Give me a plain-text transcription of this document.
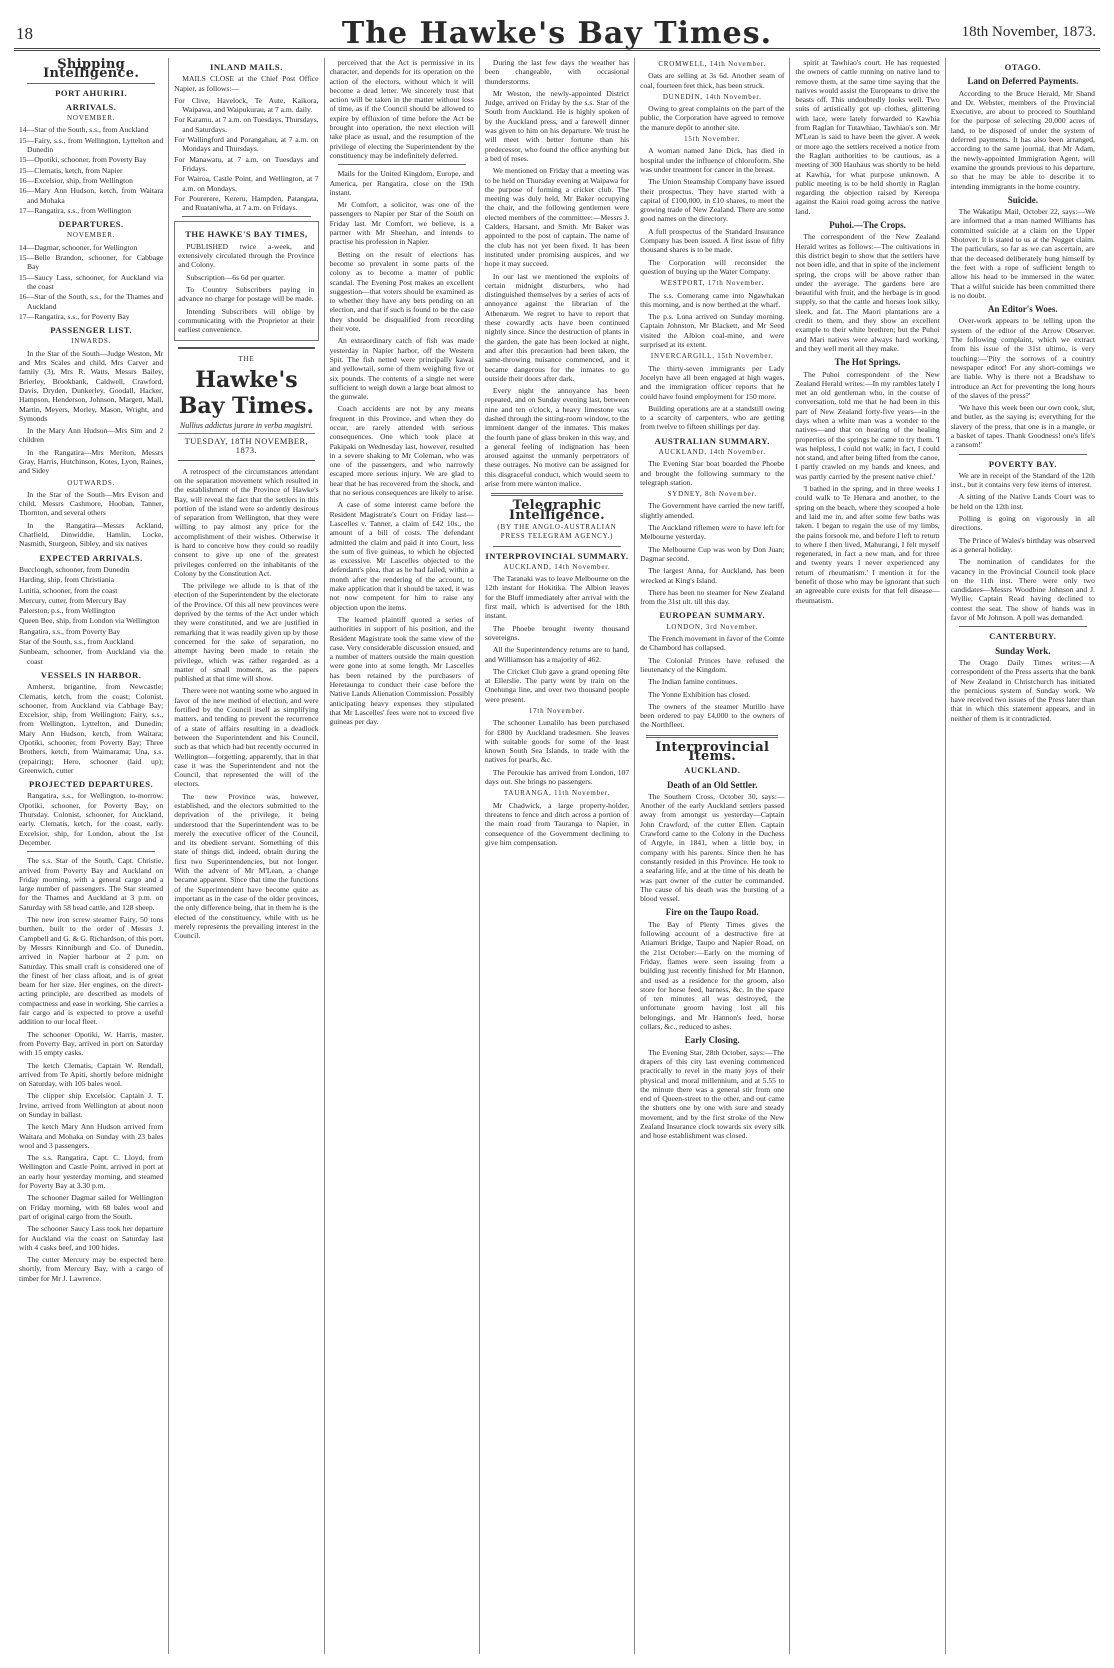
18	The Hawke's Bay Times.	18th November, 1873.
Shipping Intelligence.
PORT AHURIRI.
ARRIVALS.
NOVEMBER.
14—Star of the South, s.s., from Auckland
15—Fairy, s.s., from Wellington, Lyttelton and Dunedin
15—Opotiki, schooner, from Poverty Bay
15—Clematis, ketch, from Napier
16—Excelsior, ship, from Wellington
16—Mary Ann Hudson, ketch, from Waitara and Mohaka
17—Rangatira, s.s., from Wellington
DEPARTURES.
NOVEMBER.
14—Dagmar, schooner, for Wellington
15—Belle Brandon, schooner, for Cabbage Bay
15—Saucy Lass, schooner, for Auckland via the coast
16—Star of the South, s.s., for the Thames and Auckland
17—Rangatira, s.s., for Poverty Bay
PASSENGER LIST.
INWARDS.

In the Star of the South—Judge Weston, Mr and Mrs Scales and child, Mrs Carver and family (3), Mrs R. Watts, Messrs Bailey, Brierley, Brookbank, Caldwell, Crawford, Davis, Dryden, Dunkerley, Goodall, Hacker, Hampson, Henderson, Johnson, Margett, Mall, Martin, Meyers, Morley, Mason, Wright, and Symonds

In the Mary Ann Hudson—Mrs Sim and 2 children

In the Rangatira—Mrs Meriton, Messrs Gray, Harris, Hutchinson, Kotes, Lyon, Raines, and Sidey

OUTWARDS.

In the Star of the South—Mrs Evison and child, Messrs Cashmore, Hooban, Tanner, Thornton, and several others

In the Rangatira—Messrs Ackland, Chatfield, Dinwiddie, Hamlin, Locke, Nasmith, Sturgeon, Sibley, and six natives

EXPECTED ARRIVALS.
Bucclough, schooner, from Dunedin
Harding, ship, from Christiania
Lutitia, schooner, from the coast
Mercury, cutter, from Mercury Bay
Palerston, p.s., from Wellington
Queen Bee, ship, from London via Wellington
Rangatira, s.s., from Poverty Bay
Star of the South, s.s., from Auckland
Sunbeam, schooner, from Auckland via the coast
VESSELS IN HARBOR.

Amherst, brigantine, from Newcastle; Clematis, ketch, from the coast; Colonist, schooner, from Auckland via Cabbage Bay; Excelsior, ship, from Wellington; Fairy, s.s., from Wellington, Lyttelton, and Dunedin; Mary Ann Hudson, ketch, from Waitara; Opotiki, schooner, from Poverty Bay; Three Brothers, ketch, from Waimarama; Una, s.s. (repairing); Hero, schooner (laid up); Greenwich, cutter

PROJECTED DEPARTURES.

Rangatira, s.s., for Wellington, to-morrow. Opotiki, schooner, for Poverty Bay, on Thursday. Colonist, schooner, for Auckland, early. Clematis, ketch, for the coast, early. Excelsior, ship, for London, about the 1st December.

The s.s. Star of the South, Capt. Christie, arrived from Poverty Bay and Auckland on Friday morning, with a general cargo and a large number of passengers. The Star steamed for the Thames and Auckland at 3 p.m. on Saturday with 58 head cattle, and 128 sheep.

The new iron screw steamer Fairy, 50 tons burthen, built to the order of Messrs J. Campbell and G. & G. Richardson, of this port, by Messrs Kinniburgh and Co. of Dunedin, arrived in Napier harbour at 2 p.m. on Saturday. This small craft is considered one of the finest of her class afloat, and is of great beam for her size. Her engines, on the direct-acting principle, are described as models of compactness and ease in working. She carries a fair cargo and is expected to prove a useful addition to our local fleet.

The schooner Opotiki, W. Harris, master, from Poverty Bay, arrived in port on Saturday with 15 empty casks.

The ketch Clematis, Captain W. Rendall, arrived from Te Apiti, shortly before midnight on Saturday, with 105 bales wool.

The clipper ship Excelsior, Captain J. T. Irvine, arrived from Wellington at about noon on Sunday in ballast.

The ketch Mary Ann Hudson arrived from Waitara and Mohaka on Sunday with 23 bales wool and 3 passengers.

The s.s. Rangatira, Capt. C. Lloyd, from Wellington and Castle Point, arrived in port at an early hour yesterday morning, and steamed for Poverty Bay at 3.30 p.m.

The schooner Dagmar sailed for Wellington on Friday morning, with 68 bales wool and part of original cargo from the South.

The schooner Saucy Lass took her departure for Auckland via the coast on Saturday last with 4 casks beef, and 100 hides.

The cutter Mercury may be expected here shortly, from Mercury Bay, with a cargo of timber for Mr J. Lawrence.

INLAND MAILS.

MAILS CLOSE at the Chief Post Office Napier, as follows:—

For Clive, Havelock, Te Aute, Kaikora, Waipawa, and Waipukurau, at 7 a.m. daily.
For Karamu, at 7 a.m. on Tuesdays, Thursdays, and Saturdays.
For Wallingford and Porangahau, at 7 a.m. on Mondays and Thursdays.
For Manawatu, at 7 a.m. on Tuesdays and Fridays.
For Wairoa, Castle Point, and Wellington, at 7 a.m. on Mondays.
For Pourerere, Kereru, Hampden, Patangata, and Ruataniwha, at 7 a.m. on Fridays.
THE HAWKE'S BAY TIMES,

PUBLISHED twice a-week, and extensively circulated through the Province and Colony.

Subscription—6s 6d per quarter.

To Country Subscribers paying in advance no charge for postage will be made.

Intending Subscribers will oblige by communicating with the Proprietor at their earliest convenience.

THE
Hawke's Bay Times.
Nullius addictus jurare in verba magistri.
TUESDAY, 18TH NOVEMBER, 1873.

A retrospect of the circumstances attendant on the separation movement which resulted in the establishment of the Province of Hawke's Bay, will reveal the fact that the settlers in this portion of the island were so ardently desirous of separation from Wellington, that they were willing to pay almost any price for the accomplishment of their wishes. Otherwise it is hard to conceive how they could so readily consent to give up one of the greatest privileges conferred on the inhabitants of the Colony by the Constitution Act.

The privilege we allude to is that of the election of the Superintendent by the electorate of the Province. Of this all new provinces were deprived by the terms of the Act under which they were constituted, and we are justified in remarking that it was readily given up by those concerned for the sake of separation, no attempt having been made to retain the privilege, which was rather regarded as a matter of small moment, as the papers published at that time will show.

There were not wanting some who argued in favor of the new method of election, and were fortified by the Council itself as simplifying matters, and tending to prevent the recurrence of a state of affairs resulting in a deadlock between the Superintendent and his Council, such as that which had but recently occurred in Wellington—forgetting, apparently, that in that case it was the Superintendent and not the Council, that represented the will of the electors.

The new Province was, however, established, and the electors submitted to the deprivation of the privilege, it being understood that the Superintendent was to be merely the executive officer of the Council, and its obedient servant. Something of this state of things did, indeed, obtain during the first two Superintendencies, but not longer. With the advent of Mr M'Lean, a change became apparent. Since that time the functions of the Superintendent have become quite as important as in the case of the older provinces, the only difference being, that in them he is the elected of the constituency, while with us he merely represents the prevailing interest in the Council.

perceived that the Act is permissive in its character, and depends for its operation on the action of the electors, without which it will become a dead letter. We sincerely trust that action will be taken in the matter without loss of time, as if the Council should be allowed to expire by effluxion of time before the Act be brought into operation, the next election will take place as usual, and the resumption of the privilege of electing the Superintendent by the constituency may be indefinitely deferred.

Mails for the United Kingdom, Europe, and America, per Rangatira, close on the 19th instant.

Mr Comfort, a solicitor, was one of the passengers to Napier per Star of the South on Friday last. Mr Comfort, we believe, is a partner with Mr Sheehan, and intends to practise his profession in Napier.

Betting on the result of elections has become so prevalent in some parts of the colony as to become a matter of public scandal. The Evening Post makes an excellent suggestion—that voters should be examined as to whether they have any bets pending on an election, and that if such is found to be the case they should be disqualified from recording their vote.

An extraordinary catch of fish was made yesterday in Napier harbor, off the Western Spit. The fish netted were principally kawai and yellowtail, some of them weighing five or six pounds. The contents of a single net were sufficient to weigh down a large boat almost to the gunwale.

Coach accidents are not by any means frequent in this Province, and when they do occur, are rarely attended with serious consequences. One which took place at Pakipaki on Wednesday last, however, resulted in a severe shaking to Mr Coleman, who was one of the passengers, and who narrowly escaped more serious injury. We are glad to hear that he has recovered from the shock, and that no serious consequences are likely to arise.

A case of some interest came before the Resident Magistrate's Court on Friday last—Lascelles v. Tanner, a claim of £42 10s., the amount of a bill of costs. The defendant admitted the claim and paid it into Court, less the sum of five guineas, to which he objected as excessive. Mr Lascelles objected to the defendant's plea, that as he had failed, within a month after the rendering of the account, to make application that it should be taxed, it was not now competent for him to raise any objection upon the items.

The learned plaintiff quoted a series of authorities in support of his position, and the Resident Magistrate took the same view of the case. Very considerable discussion ensued, and a number of matters outside the main question were gone into at some length. Mr Lascelles has been retained by the purchasers of Heretaunga to conduct their case before the Native Lands Alienation Commission. Possibly anticipating heavy expenses they stipulated that Mr Lascelles' fees were not to exceed five guineas per day.

During the last few days the weather has been changeable, with occasional thunderstorms.

Mr Weston, the newly-appointed District Judge, arrived on Friday by the s.s. Star of the South from Auckland. He is highly spoken of by the Auckland press, and a farewell dinner was given to him on his departure. We trust he will meet with better fortune than his predecessor, who found the office anything but a bed of roses.

We mentioned on Friday that a meeting was to be held on Thursday evening at Waipawa for the purpose of forming a cricket club. The meeting was duly held, Mr Baker occupying the chair, and the following gentlemen were elected members of the committee:—Messrs J. Calders, Harsant, and Smith. Mr Baker was appointed to the post of captain. The name of the club has not yet been fixed. It has been instituted under promising auspices, and we hope it may succeed.

In our last we mentioned the exploits of certain midnight disturbers, who had distinguished themselves by a series of acts of annoyance against the librarian of the Athenæum. We regret to have to report that these cowardly acts have been continued nightly since. Since the destruction of plants in the garden, the gate has been locked at night, and after this precaution had been taken, the same-throwing nuisance commenced, and it became dangerous for the inmates to go outside their doors after dark.

Every night the annoyance has been repeated, and on Sunday evening last, between nine and ten o'clock, a heavy limestone was dashed through the sitting-room window, to the imminent danger of the inmates. This makes the fourth pane of glass broken in this way, and a general feeling of indignation has been aroused against the unmanly perpetrators of these outrages. No motive can be assigned for this disgraceful conduct, which would seem to arise from mere wanton malice.

Telegraphic Intelligence.
(BY THE ANGLO-AUSTRALIAN PRESS TELEGRAM AGENCY.)
INTERPROVINCIAL SUMMARY.
AUCKLAND, 14th November.

The Taranaki was to leave Melbourne on the 12th instant for Hokitika. The Albion leaves for the Bluff immediately after arrival with the first mail, which is advertised for the 18th instant.

The Phoebe brought twenty thousand sovereigns.

All the Superintendency returns are to hand, and Williamson has a majority of 462.

The Cricket Club gave a grand opening fête at Ellerslie. The party went by train on the Onehunga line, and over two thousand people were present.

17th November.

The schooner Lunalilo has been purchased for £800 by Auckland tradesmen. She leaves with suitable goods for some of the least known South Sea Islands, to trade with the natives for pearls, &c.

The Peroukie has arrived from London, 107 days out. She brings no passengers.

TAURANGA, 11th November.

Mr Chadwick, a large property-holder, threatens to fence and ditch across a portion of the main road from Tauranga to Napier, in consequence of the Government declining to give him compensation.

CROMWELL, 14th November.

Oats are selling at 3s 6d. Another seam of coal, fourteen feet thick, has been struck.

DUNEDIN, 14th November.

Owing to great complaints on the part of the public, the Corporation have agreed to remove the manure depôt to another site.

15th November.

A woman named Jane Dick, has died in hospital under the influence of chloroform. She was under treatment for cancer in the breast.

The Union Steamship Company have issued their prospectus. They have started with a capital of £100,000, in £10 shares, to meet the growing trade of New Zealand. There are some good names on the directory.

A full prospectus of the Standard Insurance Company has been issued. A first issue of fifty thousand shares is to be made.

The Corporation will reconsider the question of buying up the Water Company.

WESTPORT, 17th November.

The s.s. Comerang came into Ngawhakan this morning, and is now berthed at the wharf.

The p.s. Luna arrived on Sunday morning. Captain Johnston, Mr Blackett, and Mr Seed visited the Albion coal-mine, and were surprised at its extent.

INVERCARGILL, 15th November.

The thirty-seven immigrants per Lady Jocelyn have all been engaged at high wages, and the immigration officer reports that he could have found employment for 150 more.

Building operations are at a standstill owing to a scarcity of carpenters, who are getting from twelve to fifteen shillings per day.

AUSTRALIAN SUMMARY.
AUCKLAND, 14th November.

The Evening Star boat boarded the Phoebe and brought the following summary to the telegraph station.

SYDNEY, 8th November.

The Government have carried the new tariff, slightly amended.

The Auckland riflemen were to have left for Melbourne yesterday.

The Melbourne Cup was won by Don Juan; Dagmar second.

The largest Anna, for Auckland, has been wrecked at King's Island.

There has been no steamer for New Zealand from the 31st ult. till this day.

EUROPEAN SUMMARY.
LONDON, 3rd November.

The French movement in favor of the Comte de Chambord has collapsed.

The Colonial Princes have refused the lieutenancy of the Kingdom.

The Indian famine continues.

The Yonne Exhibition has closed.

The owners of the steamer Murillo have been ordered to pay £4,000 to the owners of the Northfleet.

Interprovincial Items.
AUCKLAND.
Death of an Old Settler.

The Southern Cross, October 30, says:—Another of the early Auckland settlers passed away from amongst us yesterday—Captain John Crawford, of the cutter Ellen. Captain Crawford came to the Colony in the Duchess of Argyle, in 1841, when a little boy, in company with his parents. Since then he has constantly resided in this Province. He took to a seafaring life, and at the time of his death he was part owner of the cutter he commanded. The cause of his death was the bursting of a blood vessel.

Fire on the Taupo Road.

The Bay of Plenty Times gives the following account of a destructive fire at Atiamuri Bridge, Taupo and Napier Road, on the 21st October:—Early on the morning of Friday, flames were seen issuing from a building just recently finished for Mr Hannon, and used as a residence for the groom, also store for horse feed, harness, &c. In the space of ten minutes all was destroyed, the unfortunate groom having lost all his belongings, and Mr Hannon's feed, horse collars, &c., reduced to ashes.

Early Closing.

The Evening Star, 28th October, says:—The drapers of this city last evening commenced practically to revel in the many joys of their physical and moral millennium, and at 5.55 to the minute there was a general stir from one end of Queen-street to the other, and out came the shutters one by one with sure and steady movement, and by the first stroke of the New Zealand Insurance clock towards six every silk and hose establishment was closed.

spirit at Tawhiao's court. He has requested the owners of cattle running on native land to remove them, at the same time saying that the natives would assist the Europeans to drive the beasts off. This undoubtedly looks well. Two suits of artistically got up clothes, glittering with lace, were lately forwarded to Kawhia from Raglan for Tutawhiao, Tawhiao's son. Mr M'Lean is said to have been the giver. A week or more ago the settlers received a notice from the Raglan authorities to be cautious, as a meeting of 300 Hauhaus was shortly to be held at Kawhia, for what purpose unknown. A public meeting is to be held shortly in Raglan regarding the objection raised by Kereopa against the Kaioi road going across the native land.

Puhoi.—The Crops.

The correspondent of the New Zealand Herald writes as follows:—The cultivations in this district begin to show that the settlers have not been idle, and that in spite of the inclement spring, the crops will be above rather than under the average. The gardens here are beautiful with fruit, and the herbage is in good supply, so that the cattle and horses look silky, sleek, and fat. The Maori plantations are a credit to them, and they show an excellent example to their white brethren; but the Puhoi and Mari natives were always hard working, and they well merit all they make.

The Hot Springs.

The Puhoi correspondent of the New Zealand Herald writes:—In my rambles lately I met an old gentleman who, in the course of conversation, told me that he had been in this part of New Zealand forty-five years—in the days when a white man was a wonder to the natives—and that on hearing of the healing properties of the springs he came to try them. 'I was helpless, I could not walk; in fact, I could not stand, and after being lifted from the canoe, I partly crawled on my hands and knees, and was partly carried by the present native chief.'

'I bathed in the spring, and in three weeks I could walk to Te Henara and another, to the spring on the beach, where they scooped a hole and laid me in, and after some few baths was taken. I began to regain the use of my limbs, the pains forsook me, and before I left to return to where I then lived, Mahurangi, I felt myself regenerated, in fact a new man, and for three and twenty years I never experienced any return of rheumatism.' I mention it for the benefit of those who may be ignorant that such an agreeable cure exists for that fell disease—rheumatism.

OTAGO.
Land on Deferred Payments.

According to the Bruce Herald, Mr Shand and Dr. Webster, members of the Provincial Executive, are about to proceed to Southland for the purpose of selecting 20,000 acres of land, to be disposed of under the system of deferred payments. It has also been arranged, according to the same journal, that Mr Adam, the newly-appointed Immigration Agent, will examine the grounds previous to his departure, so that he may be able to describe it to intending immigrants in the home country.

Suicide.

The Wakatipu Mail, October 22, says:—We are informed that a man named Williams has committed suicide at a claim on the Upper Shotover. It is stated to us at the Nugget claim. The particulars, so far as we can ascertain, are that the deceased deliberately hung himself by the feet with a rope of sufficient length to allow his head to be immersed in the water. That a wilful suicide has been committed there is no doubt.

An Editor's Woes.

Over-work appears to be telling upon the system of the editor of the Arrow Observer. The following complaint, which we extract from his issue of the 31st ultimo, is very touching:—'Pity the sorrows of a country newspaper editor! For any short-comings we are liable. Why is there not a Bradshaw to introduce an Act for preventing the long hours of the slaves of the press?'

'We have this week been our own cook, slut, and butler, as the saying is; everything for the slavery of the press, that one is in a mangle, or a basket of tapes. Thank Goodness! one's life's a ransom!'

POVERTY BAY.

We are in receipt of the Standard of the 12th inst., but it contains very few items of interest.

A sitting of the Native Lands Court was to be held on the 12th inst.

Polling is going on vigorously in all directions.

The Prince of Wales's birthday was observed as a general holiday.

The nomination of candidates for the vacancy in the Provincial Council took place on the 11th inst. There were only two candidates—Messrs Woodbine Johnson and J. Wyllie, Captain Read having declined to contest the seat. The show of hands was in favor of Mr Johnson. A poll was demanded.

CANTERBURY.
Sunday Work.

The Otago Daily Times writes:—A correspondent of the Press asserts that the bank of New Zealand in Christchurch has initiated the pernicious system of Sunday work. We have received two issues of the Press later than that in which this statement appears, and in neither of them is it contradicted.
